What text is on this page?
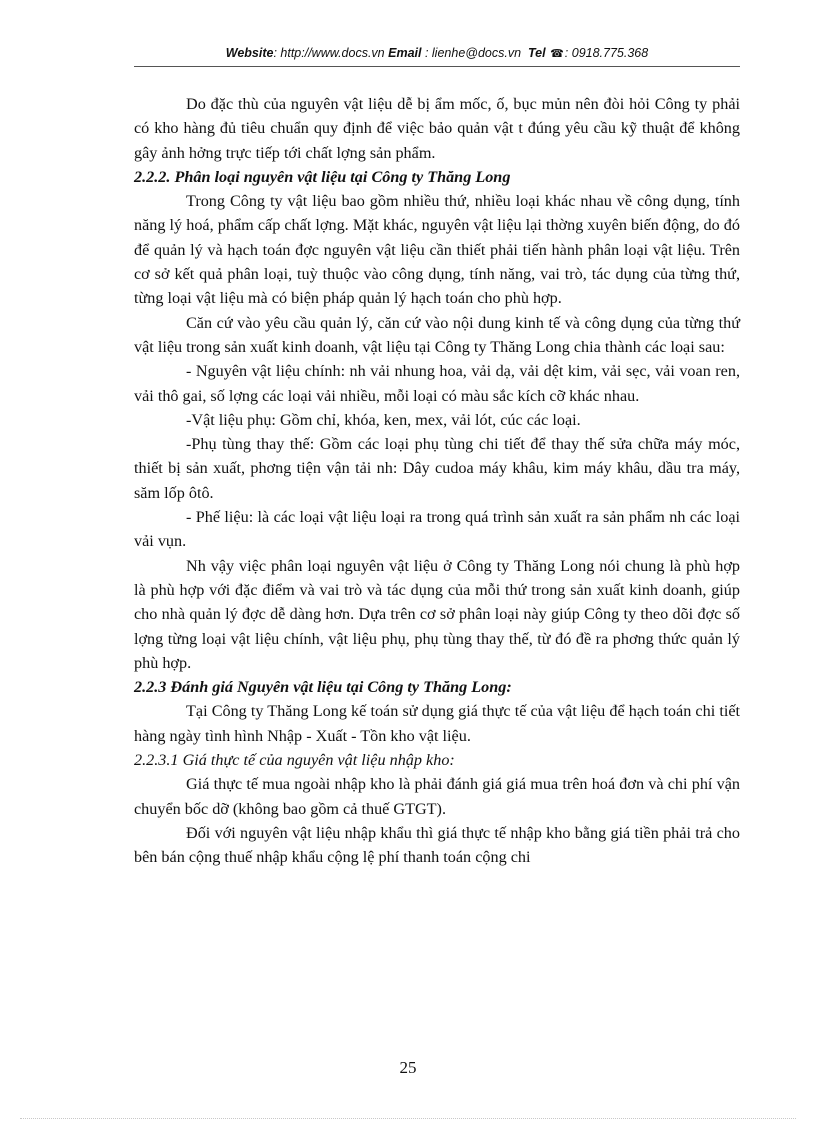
Website: http://www.docs.vn Email : lienhe@docs.vn Tel ☎: 0918.775.368

Do đặc thù của nguyên vật liệu dễ bị ẩm mốc, ố, bục mủn nên đòi hỏi Công ty phải có kho hàng đủ tiêu chuẩn quy định để việc bảo quản vật t đúng yêu cầu kỹ thuật để không gây ảnh hởng trực tiếp tới chất lợng sản phẩm.

2.2.2. Phân loại nguyên vật liệu tại Công ty Thăng Long

Trong Công ty vật liệu bao gồm nhiều thứ, nhiều loại khác nhau về công dụng, tính năng lý hoá, phẩm cấp chất lợng. Mặt khác, nguyên vật liệu lại thờng xuyên biến động, do đó để quản lý và hạch toán đợc nguyên vật liệu cần thiết phải tiến hành phân loại vật liệu. Trên cơ sở kết quả phân loại, tuỳ thuộc vào công dụng, tính năng, vai trò, tác dụng của từng thứ, từng loại vật liệu mà có biện pháp quản lý hạch toán cho phù hợp.

Căn cứ vào yêu cầu quản lý, căn cứ vào nội dung kinh tế và công dụng của từng thứ vật liệu trong sản xuất kinh doanh, vật liệu tại Công ty Thăng Long chia thành các loại sau:

- Nguyên vật liệu chính: nh vải nhung hoa, vải dạ, vải dệt kim, vải sẹc, vải voan ren, vải thô gai, số lợng các loại vải nhiều, mỗi loại có màu sắc kích cỡ khác nhau.

-Vật liệu phụ: Gồm chỉ, khóa, ken, mex, vải lót, cúc các loại.

-Phụ tùng thay thế: Gồm các loại phụ tùng chi tiết để thay thế sửa chữa máy móc, thiết bị sản xuất, phơng tiện vận tải nh: Dây cudoa máy khâu, kim máy khâu, dầu tra máy, săm lốp ôtô.

- Phế liệu: là các loại vật liệu loại ra trong quá trình sản xuất ra sản phẩm nh các loại vải vụn.

Nh vậy việc phân loại nguyên vật liệu ở Công ty Thăng Long nói chung là phù hợp là phù hợp với đặc điểm và vai trò và tác dụng của mỗi thứ trong sản xuất kinh doanh, giúp cho nhà quản lý đợc dễ dàng hơn. Dựa trên cơ sở phân loại này giúp Công ty theo dõi đợc số lợng từng loại vật liệu chính, vật liệu phụ, phụ tùng thay thế, từ đó đề ra phơng thức quản lý phù hợp.

2.2.3 Đánh giá Nguyên vật liệu tại Công ty Thăng Long:

Tại Công ty Thăng Long kế toán sử dụng giá thực tế của vật liệu để hạch toán chi tiết hàng ngày tình hình Nhập - Xuất - Tồn kho vật liệu.

2.2.3.1 Giá thực tế của nguyên vật liệu nhập kho:

Giá thực tế mua ngoài nhập kho là phải đánh giá giá mua trên hoá đơn và chi phí vận chuyển bốc dỡ (không bao gồm cả thuế GTGT).

Đối với nguyên vật liệu nhập khẩu thì giá thực tế nhập kho bằng giá tiền phải trả cho bên bán cộng thuế nhập khẩu cộng lệ phí thanh toán cộng chi

25
